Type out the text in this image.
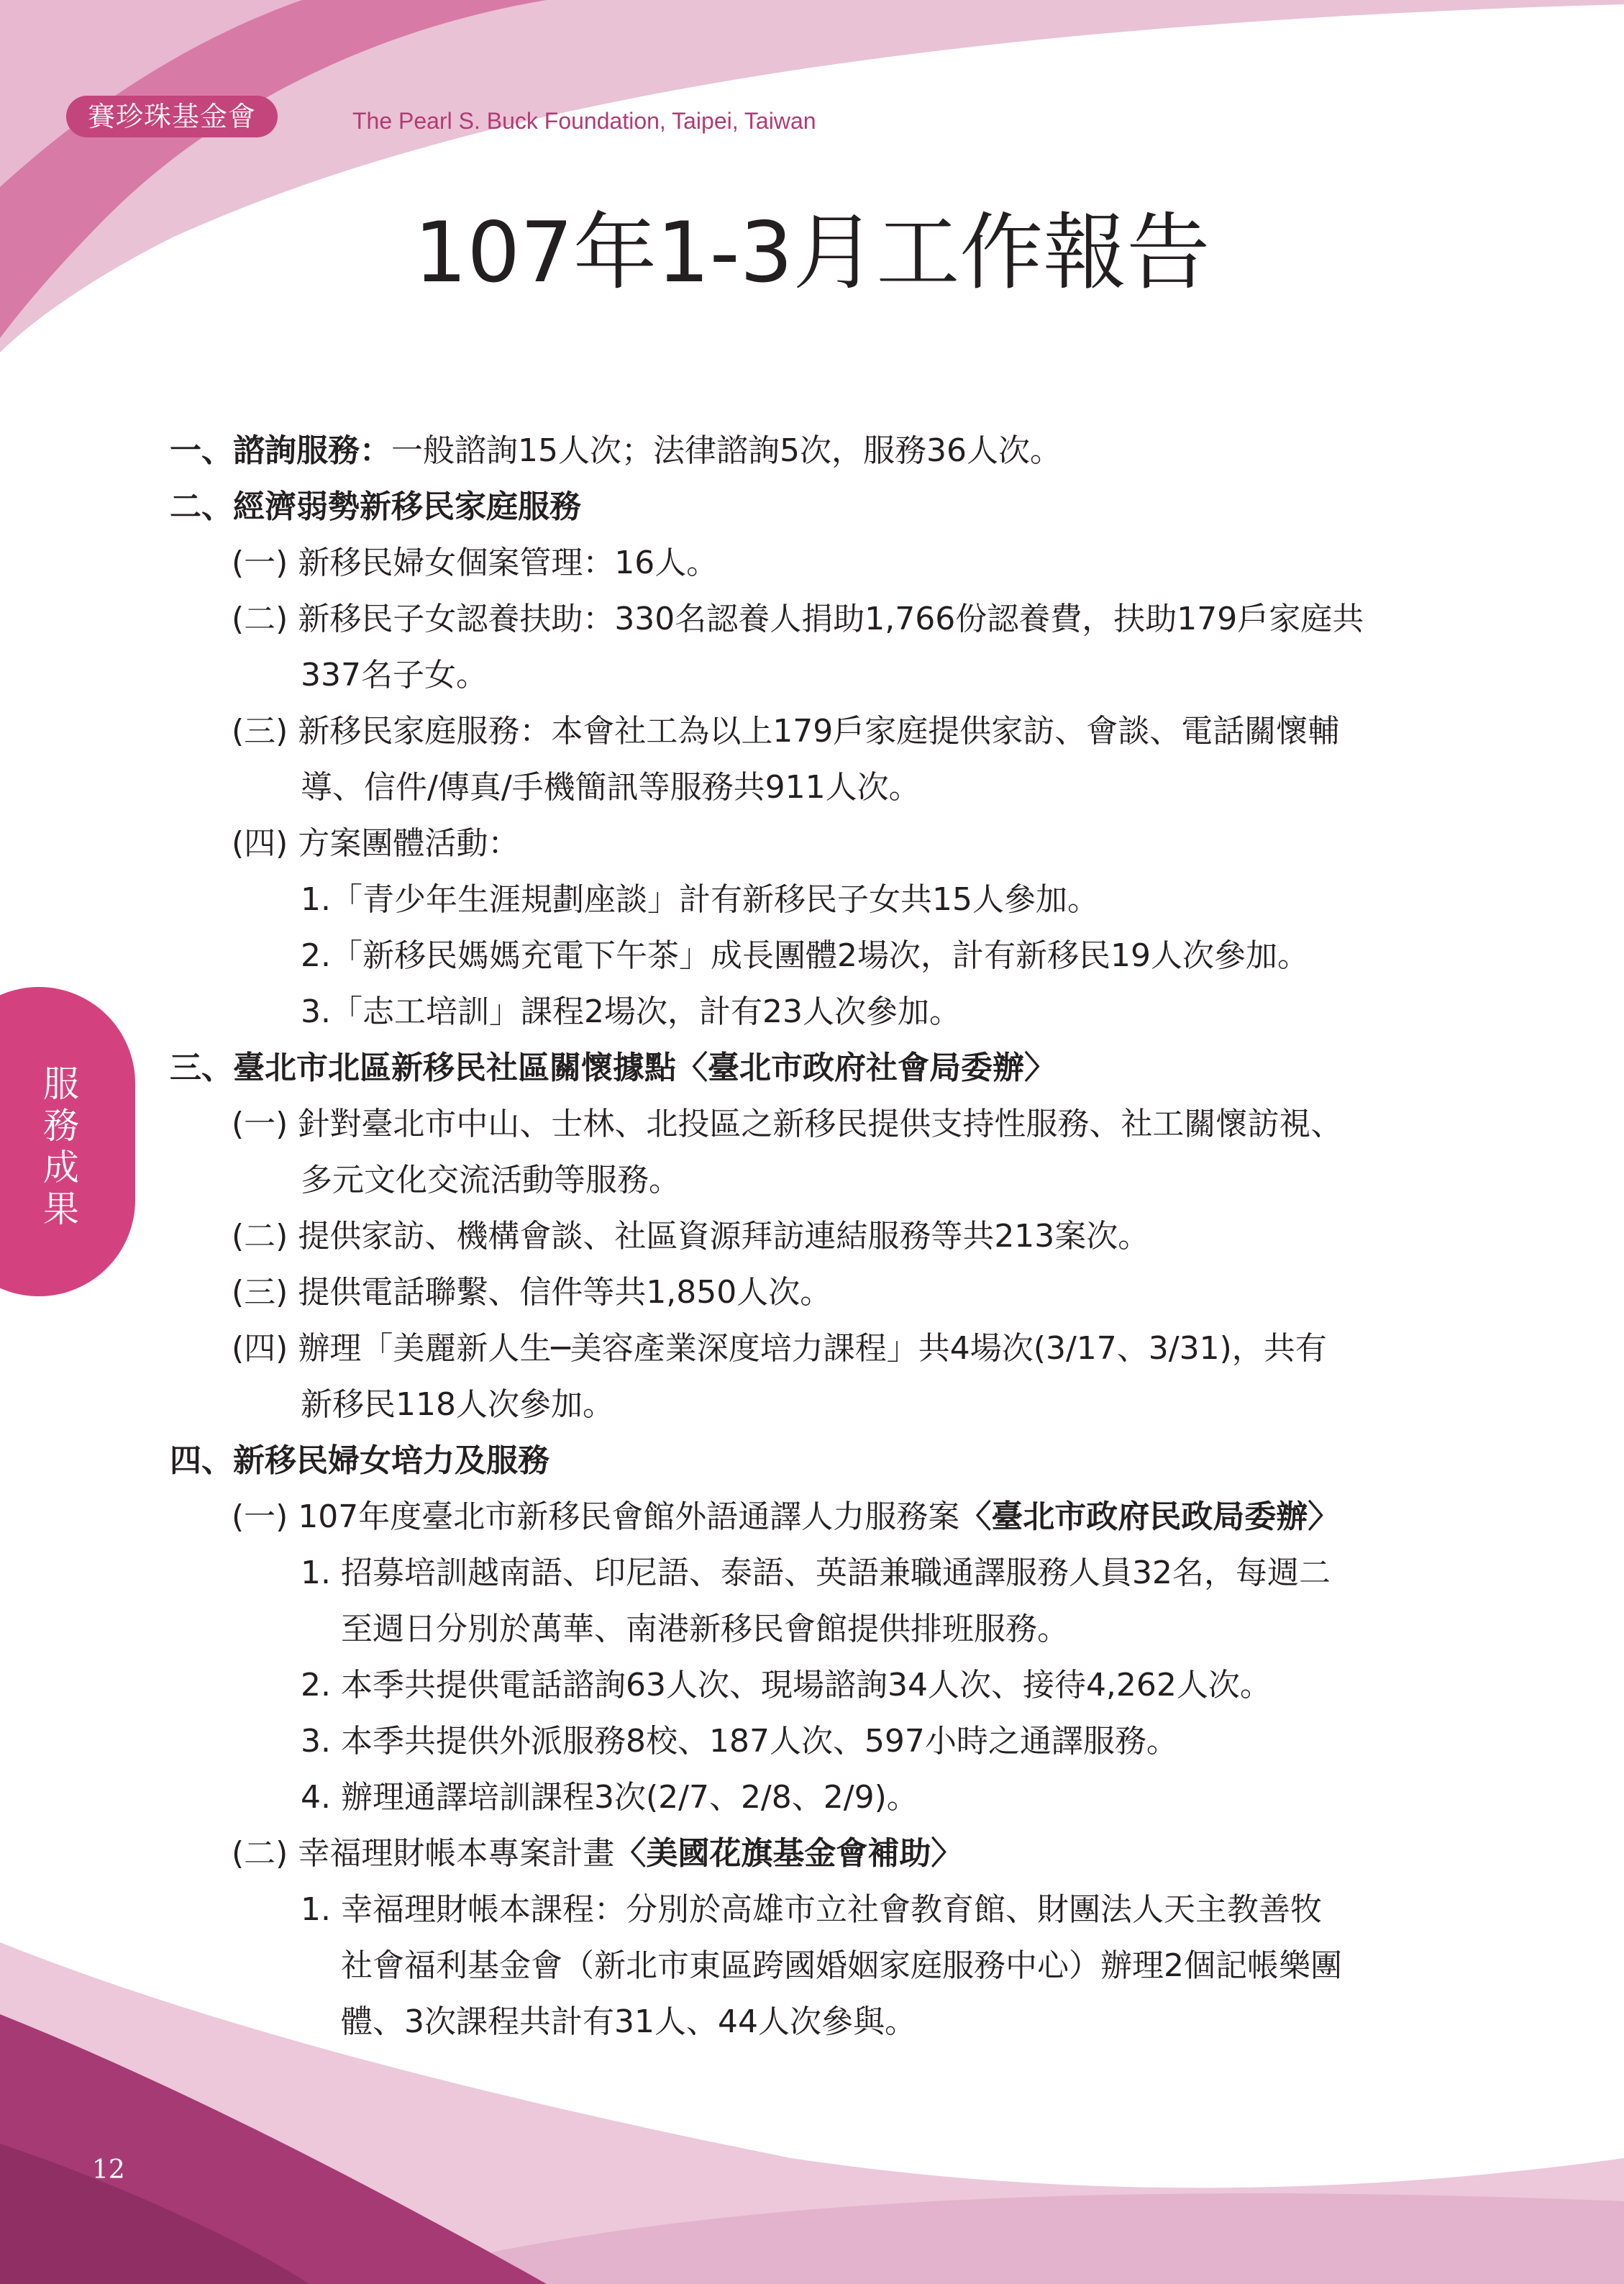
賽珍珠基金會	The Pearl S. Buck Foundation, Taipei, Taiwan
107年1-3月工作報告
服
務
成
果
一、諮詢服務：一般諮詢15人次；法律諮詢5次，服務36人次。
二、經濟弱勢新移民家庭服務
(一) 新移民婦女個案管理：16人。
(二) 新移民子女認養扶助：330名認養人捐助1,766份認養費，扶助179戶家庭共
337名子女。
(三) 新移民家庭服務：本會社工為以上179戶家庭提供家訪、會談、電話關懷輔
導、信件/傳真/手機簡訊等服務共911人次。
(四) 方案團體活動：
1.「青少年生涯規劃座談」計有新移民子女共15人參加。
2.「新移民媽媽充電下午茶」成長團體2場次，計有新移民19人次參加。
3.「志工培訓」課程2場次，計有23人次參加。
三、臺北市北區新移民社區關懷據點〈臺北市政府社會局委辦〉
(一) 針對臺北市中山、士林、北投區之新移民提供支持性服務、社工關懷訪視、
多元文化交流活動等服務。
(二) 提供家訪、機構會談、社區資源拜訪連結服務等共213案次。
(三) 提供電話聯繫、信件等共1,850人次。
(四) 辦理「美麗新人生─美容產業深度培力課程」共4場次(3/17、3/31)，共有
新移民118人次參加。
四、新移民婦女培力及服務
(一) 107年度臺北市新移民會館外語通譯人力服務案〈臺北市政府民政局委辦〉
1. 招募培訓越南語、印尼語、泰語、英語兼職通譯服務人員32名，每週二
至週日分別於萬華、南港新移民會館提供排班服務。
2. 本季共提供電話諮詢63人次、現場諮詢34人次、接待4,262人次。
3. 本季共提供外派服務8校、187人次、597小時之通譯服務。
4. 辦理通譯培訓課程3次(2/7、2/8、2/9)。
(二) 幸福理財帳本專案計畫〈美國花旗基金會補助〉
1. 幸福理財帳本課程：分別於高雄市立社會教育館、財團法人天主教善牧
社會福利基金會（新北市東區跨國婚姻家庭服務中心）辦理2個記帳樂團
體、3次課程共計有31人、44人次參與。
12
